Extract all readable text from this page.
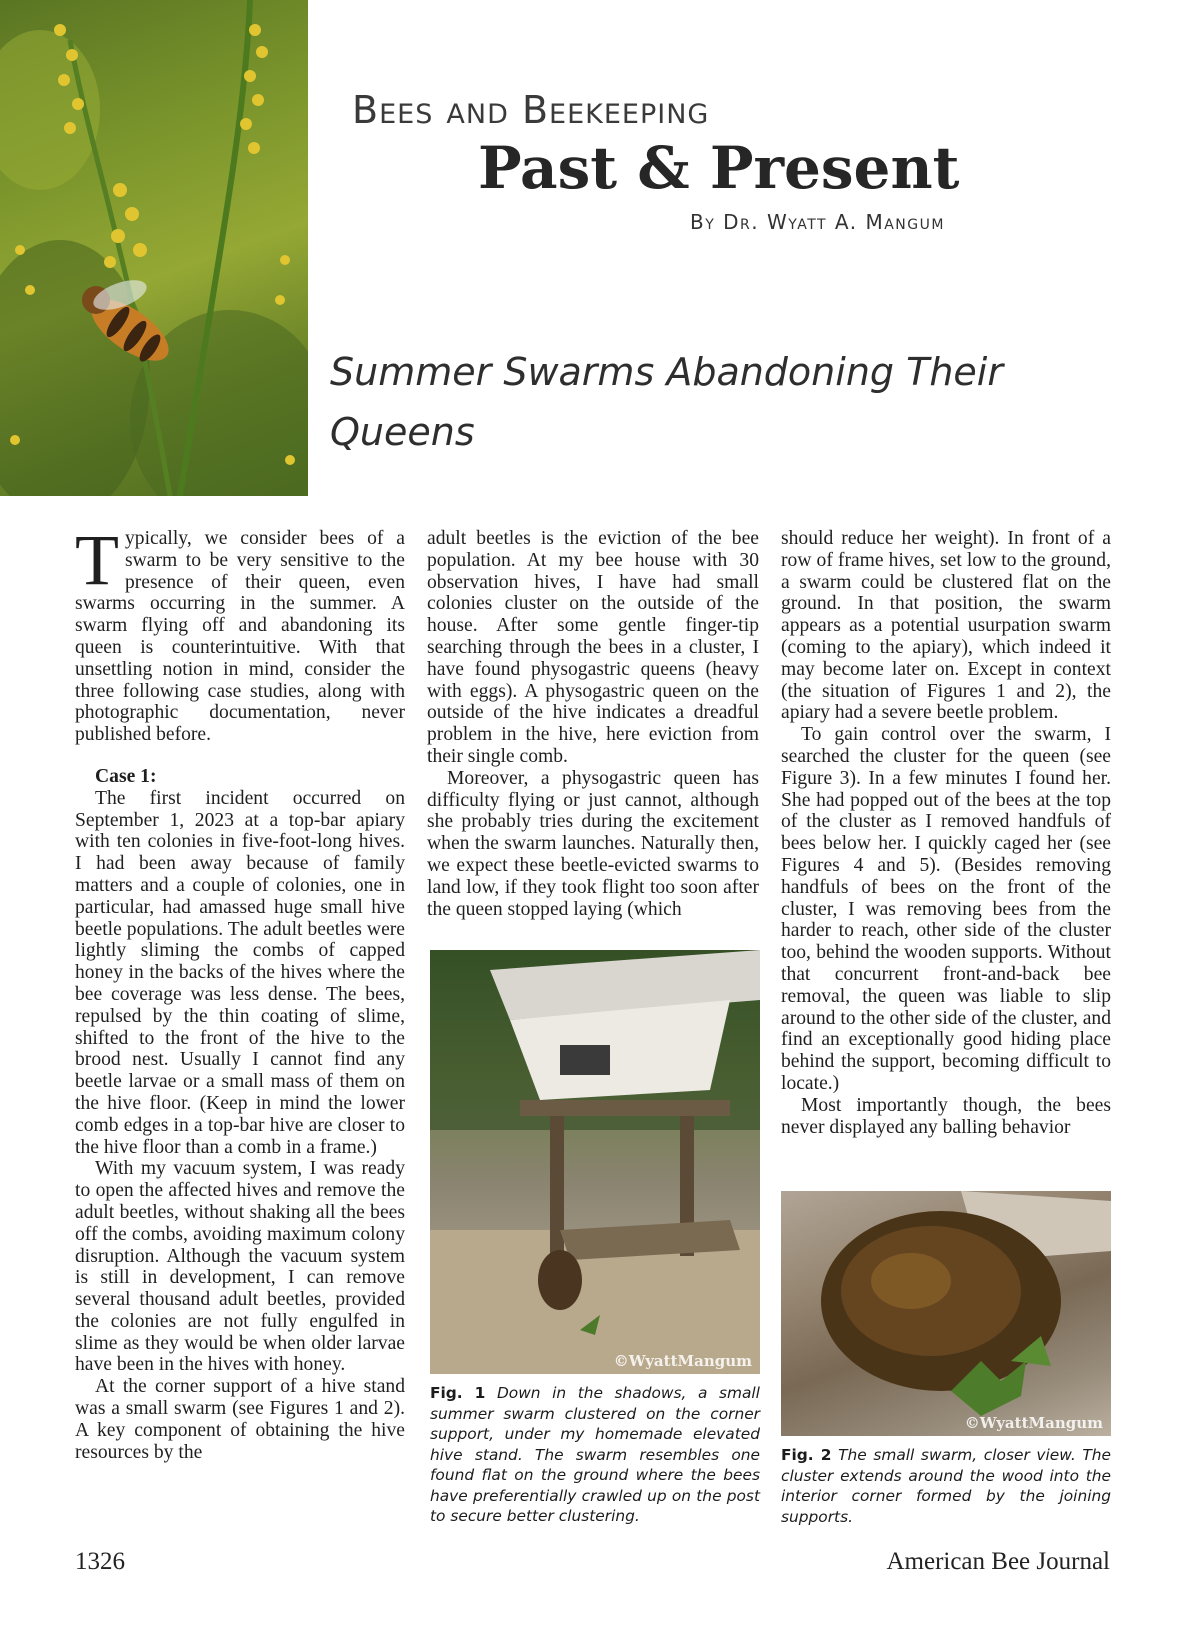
Bees and Beekeeping
Past & Present
By Dr. Wyatt A. Mangum
Summer Swarms Abandoning Their Queens

Typically, we consider bees of a swarm to be very sensitive to the presence of their queen, even swarms occurring in the summer. A swarm flying off and abandoning its queen is counterintuitive. With that unsettling notion in mind, consider the three following case studies, along with photographic documentation, never published before.

Case 1:

The first incident occurred on September 1, 2023 at a top-bar apiary with ten colonies in five-foot-long hives. I had been away because of family matters and a couple of colonies, one in particular, had amassed huge small hive beetle populations. The adult beetles were lightly sliming the combs of capped honey in the backs of the hives where the bee coverage was less dense. The bees, repulsed by the thin coating of slime, shifted to the front of the hive to the brood nest. Usually I cannot find any beetle larvae or a small mass of them on the hive floor. (Keep in mind the lower comb edges in a top-bar hive are closer to the hive floor than a comb in a frame.)

With my vacuum system, I was ready to open the affected hives and remove the adult beetles, without shaking all the bees off the combs, avoiding maximum colony disruption. Although the vacuum system is still in development, I can remove several thousand adult beetles, provided the colonies are not fully engulfed in slime as they would be when older larvae have been in the hives with honey.

At the corner support of a hive stand was a small swarm (see Figures 1 and 2). A key component of obtaining the hive resources by the

adult beetles is the eviction of the bee population. At my bee house with 30 observation hives, I have had small colonies cluster on the outside of the house. After some gentle finger-tip searching through the bees in a cluster, I have found physogastric queens (heavy with eggs). A physogastric queen on the outside of the hive indicates a dreadful problem in the hive, here eviction from their single comb.

Moreover, a physogastric queen has difficulty flying or just cannot, although she probably tries during the excitement when the swarm launches. Naturally then, we expect these beetle-evicted swarms to land low, if they took flight too soon after the queen stopped laying (which

should reduce her weight). In front of a row of frame hives, set low to the ground, a swarm could be clustered flat on the ground. In that position, the swarm appears as a potential usurpation swarm (coming to the apiary), which indeed it may become later on. Except in context (the situation of Figures 1 and 2), the apiary had a severe beetle problem.

To gain control over the swarm, I searched the cluster for the queen (see Figure 3). In a few minutes I found her. She had popped out of the bees at the top of the cluster as I removed handfuls of bees below her. I quickly caged her (see Figures 4 and 5). (Besides removing handfuls of bees on the front of the cluster, I was removing bees from the harder to reach, other side of the cluster too, behind the wooden supports. Without that concurrent front-and-back bee removal, the queen was liable to slip around to the other side of the cluster, and find an exceptionally good hiding place behind the support, becoming difficult to locate.)

Most importantly though, the bees never displayed any balling behavior

©WyattMangum

Fig. 1 Down in the shadows, a small summer swarm clustered on the corner support, under my homemade elevated hive stand. The swarm resembles one found flat on the ground where the bees have preferentially crawled up on the post to secure better clustering.

©WyattMangum

Fig. 2 The small swarm, closer view. The cluster extends around the wood into the interior corner formed by the joining supports.

1326	American Bee Journal
